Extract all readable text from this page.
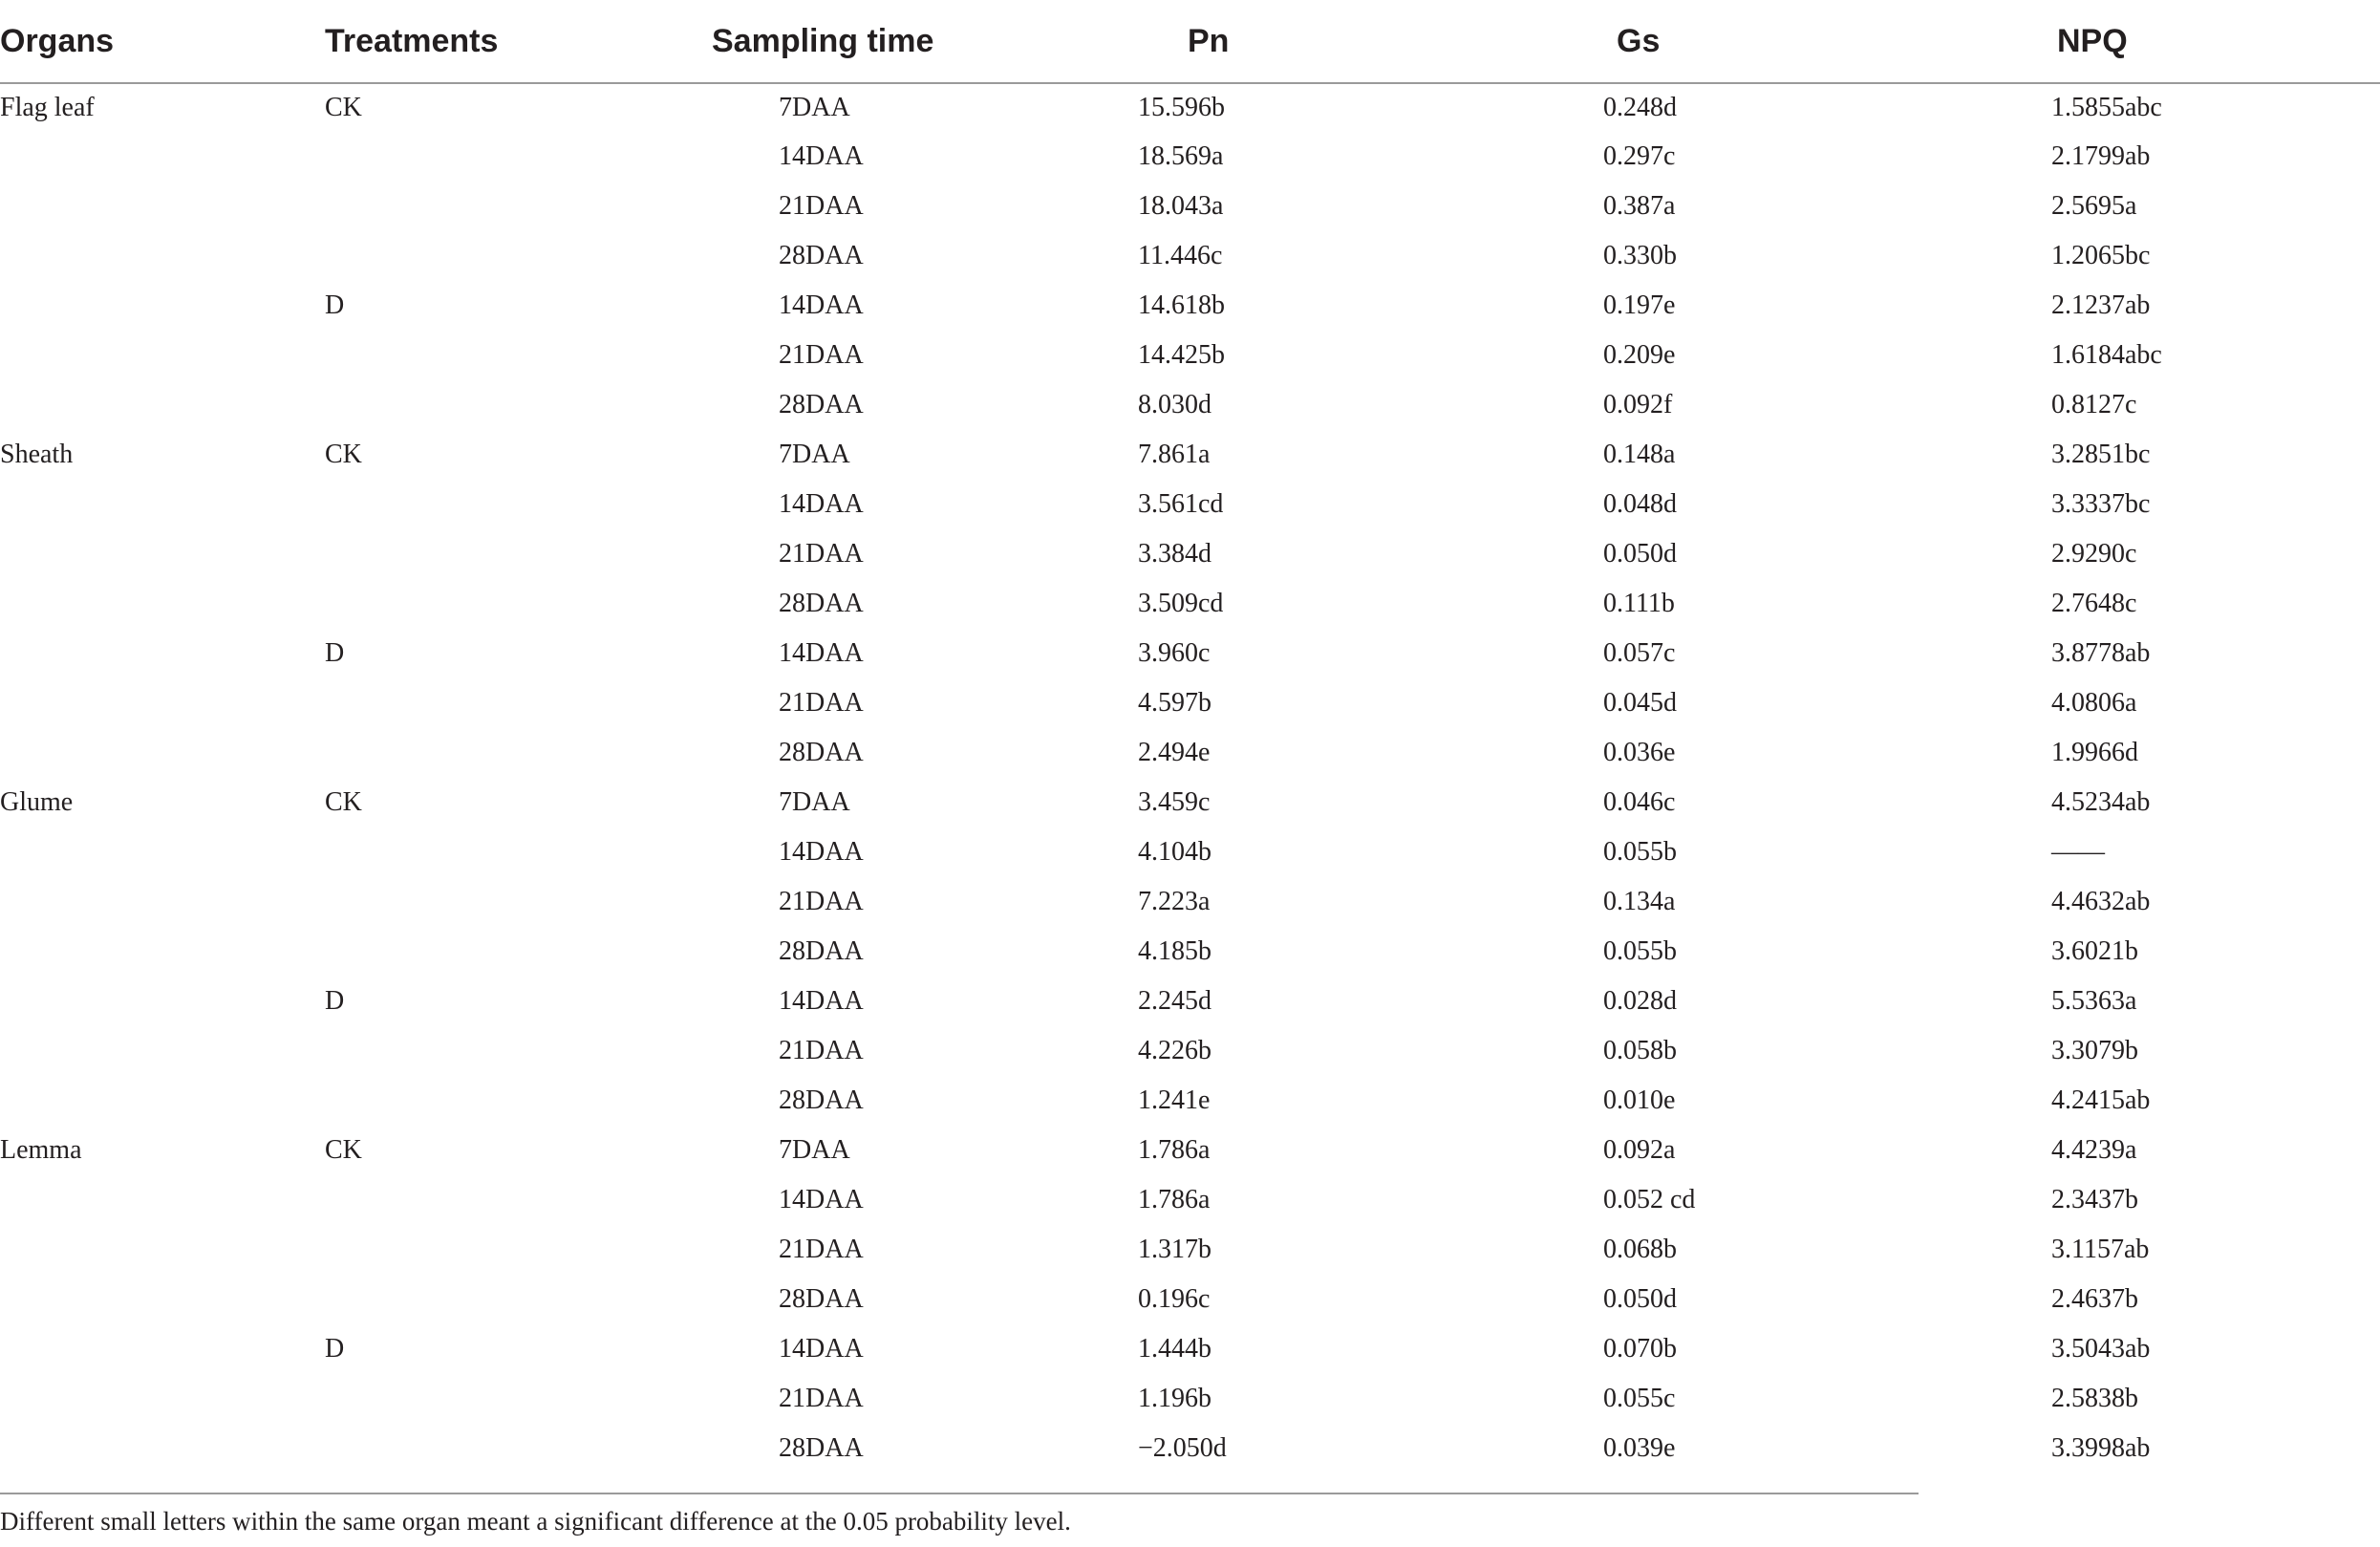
Organs	Treatments	Sampling time	Pn	Gs	NPQ
Flag leaf	CK	7DAA	15.596b	0.248d	1.5855abc
		14DAA	18.569a	0.297c	2.1799ab
		21DAA	18.043a	0.387a	2.5695a
		28DAA	11.446c	0.330b	1.2065bc
	D	14DAA	14.618b	0.197e	2.1237ab
		21DAA	14.425b	0.209e	1.6184abc
		28DAA	8.030d	0.092f	0.8127c
Sheath	CK	7DAA	7.861a	0.148a	3.2851bc
		14DAA	3.561cd	0.048d	3.3337bc
		21DAA	3.384d	0.050d	2.9290c
		28DAA	3.509cd	0.111b	2.7648c
	D	14DAA	3.960c	0.057c	3.8778ab
		21DAA	4.597b	0.045d	4.0806a
		28DAA	2.494e	0.036e	1.9966d
Glume	CK	7DAA	3.459c	0.046c	4.5234ab
		14DAA	4.104b	0.055b	——
		21DAA	7.223a	0.134a	4.4632ab
		28DAA	4.185b	0.055b	3.6021b
	D	14DAA	2.245d	0.028d	5.5363a
		21DAA	4.226b	0.058b	3.3079b
		28DAA	1.241e	0.010e	4.2415ab
Lemma	CK	7DAA	1.786a	0.092a	4.4239a
		14DAA	1.786a	0.052 cd	2.3437b
		21DAA	1.317b	0.068b	3.1157ab
		28DAA	0.196c	0.050d	2.4637b
	D	14DAA	1.444b	0.070b	3.5043ab
		21DAA	1.196b	0.055c	2.5838b
		28DAA	−2.050d	0.039e	3.3998ab
Different small letters within the same organ meant a significant difference at the 0.05 probability level.
